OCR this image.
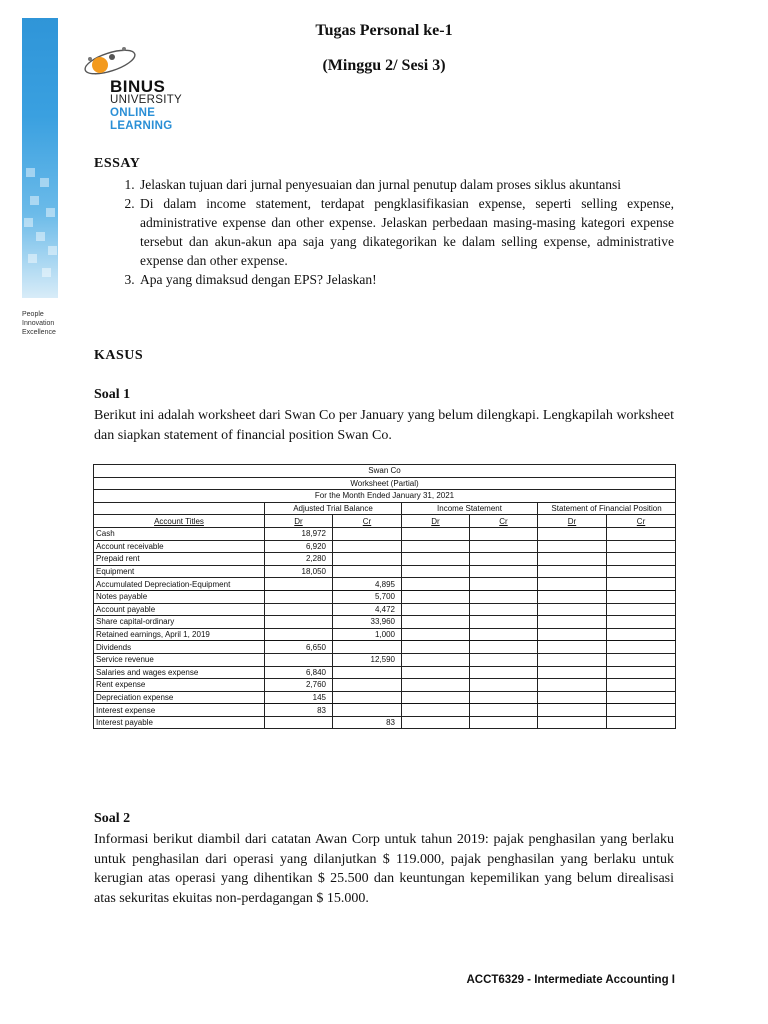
People
Innovation
Excellence
BINUS
UNIVERSITY
ONLINE
LEARNING
Tugas Personal ke-1
(Minggu 2/ Sesi 3)
ESSAY
1. Jelaskan tujuan dari jurnal penyesuaian dan jurnal penutup dalam proses siklus akuntansi
2. Di dalam income statement, terdapat pengklasifikasian expense, seperti selling expense, administrative expense dan other expense. Jelaskan perbedaan masing-masing kategori expense tersebut dan akun-akun apa saja yang dikategorikan ke dalam selling expense, administrative expense dan other expense.
3. Apa yang dimaksud dengan EPS? Jelaskan!
KASUS
Soal 1
Berikut ini adalah worksheet dari Swan Co per January yang belum dilengkapi. Lengkapilah worksheet dan siapkan statement of financial position Swan Co.
Swan Co						
Worksheet (Partial)						
For the Month Ended January 31, 2021						
	Adjusted Trial Balance		Income Statement		Statement of Financial Position	
Account Titles	Dr	Cr	Dr	Cr	Dr	Cr
Cash	18,972					
Account receivable	6,920					
Prepaid rent	2,280					
Equipment	18,050					
Accumulated Depreciation-Equipment		4,895				
Notes payable		5,700				
Account payable		4,472				
Share capital-ordinary		33,960				
Retained earnings, April 1, 2019		1,000				
Dividends	6,650					
Service revenue		12,590				
Salaries and wages expense	6,840					
Rent expense	2,760					
Depreciation expense	145					
Interest expense	83					
Interest payable		83				
Soal 2
Informasi berikut diambil dari catatan Awan Corp untuk tahun 2019: pajak penghasilan yang berlaku untuk penghasilan dari operasi yang dilanjutkan $ 119.000, pajak penghasilan yang berlaku untuk kerugian atas operasi yang dihentikan $ 25.500 dan keuntungan kepemilikan yang belum direalisasi atas sekuritas ekuitas non-perdagangan $ 15.000.
ACCT6329 - Intermediate Accounting I
